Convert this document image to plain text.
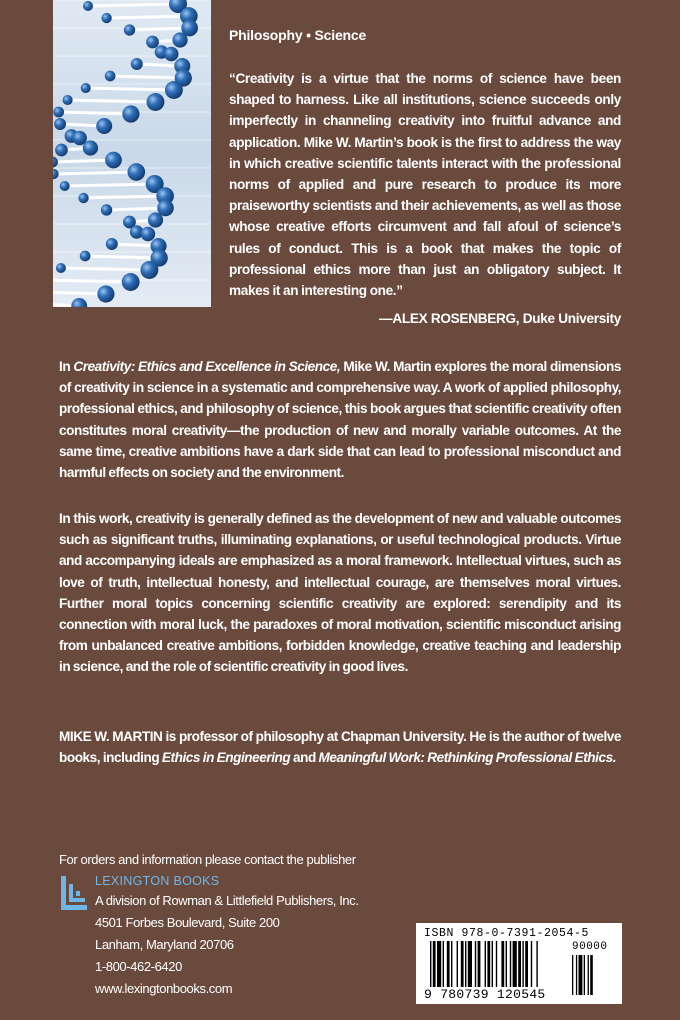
Philosophy • Science

“Creativity is a virtue that the norms of science have been shaped to harness. Like all institutions, science succeeds only imperfectly in channeling creativity into fruitful advance and application. Mike W. Martin’s book is the first to address the way in which creative scientific talents interact with the professional norms of applied and pure research to produce its more praiseworthy scientists and their achievements, as well as those whose creative efforts circumvent and fall afoul of science’s rules of conduct. This is a book that makes the topic of professional ethics more than just an obligatory subject. It makes it an interesting one.”

—ALEX ROSENBERG, Duke University

In Creativity: Ethics and Excellence in Science, Mike W. Martin explores the moral dimensions of creativity in science in a systematic and comprehensive way. A work of applied philosophy, professional ethics, and philosophy of science, this book argues that scientific creativity often constitutes moral creativity—the production of new and morally variable outcomes. At the same time, creative ambitions have a dark side that can lead to professional misconduct and harmful effects on society and the environment.

In this work, creativity is generally defined as the development of new and valuable outcomes such as significant truths, illuminating explanations, or useful technological products. Virtue and accompanying ideals are emphasized as a moral framework. Intellectual virtues, such as love of truth, intellectual honesty, and intellectual courage, are themselves moral virtues. Further moral topics concerning scientific creativity are explored: serendipity and its connection with moral luck, the paradoxes of moral motivation, scientific misconduct arising from unbalanced creative ambitions, forbidden knowledge, creative teaching and leadership in science, and the role of scientific creativity in good lives.

MIKE W. MARTIN is professor of philosophy at Chapman University. He is the author of twelve books, including Ethics in Engineering and Meaningful Work: Rethinking Professional Ethics.

For orders and information please contact the publisher
LEXINGTON BOOKS
A division of Rowman & Littlefield Publishers, Inc.
4501 Forbes Boulevard, Suite 200
Lanham, Maryland 20706
1-800-462-6420
www.lexingtonbooks.com
ISBN 978-0-7391-2054-5
90000
9 780739 120545
